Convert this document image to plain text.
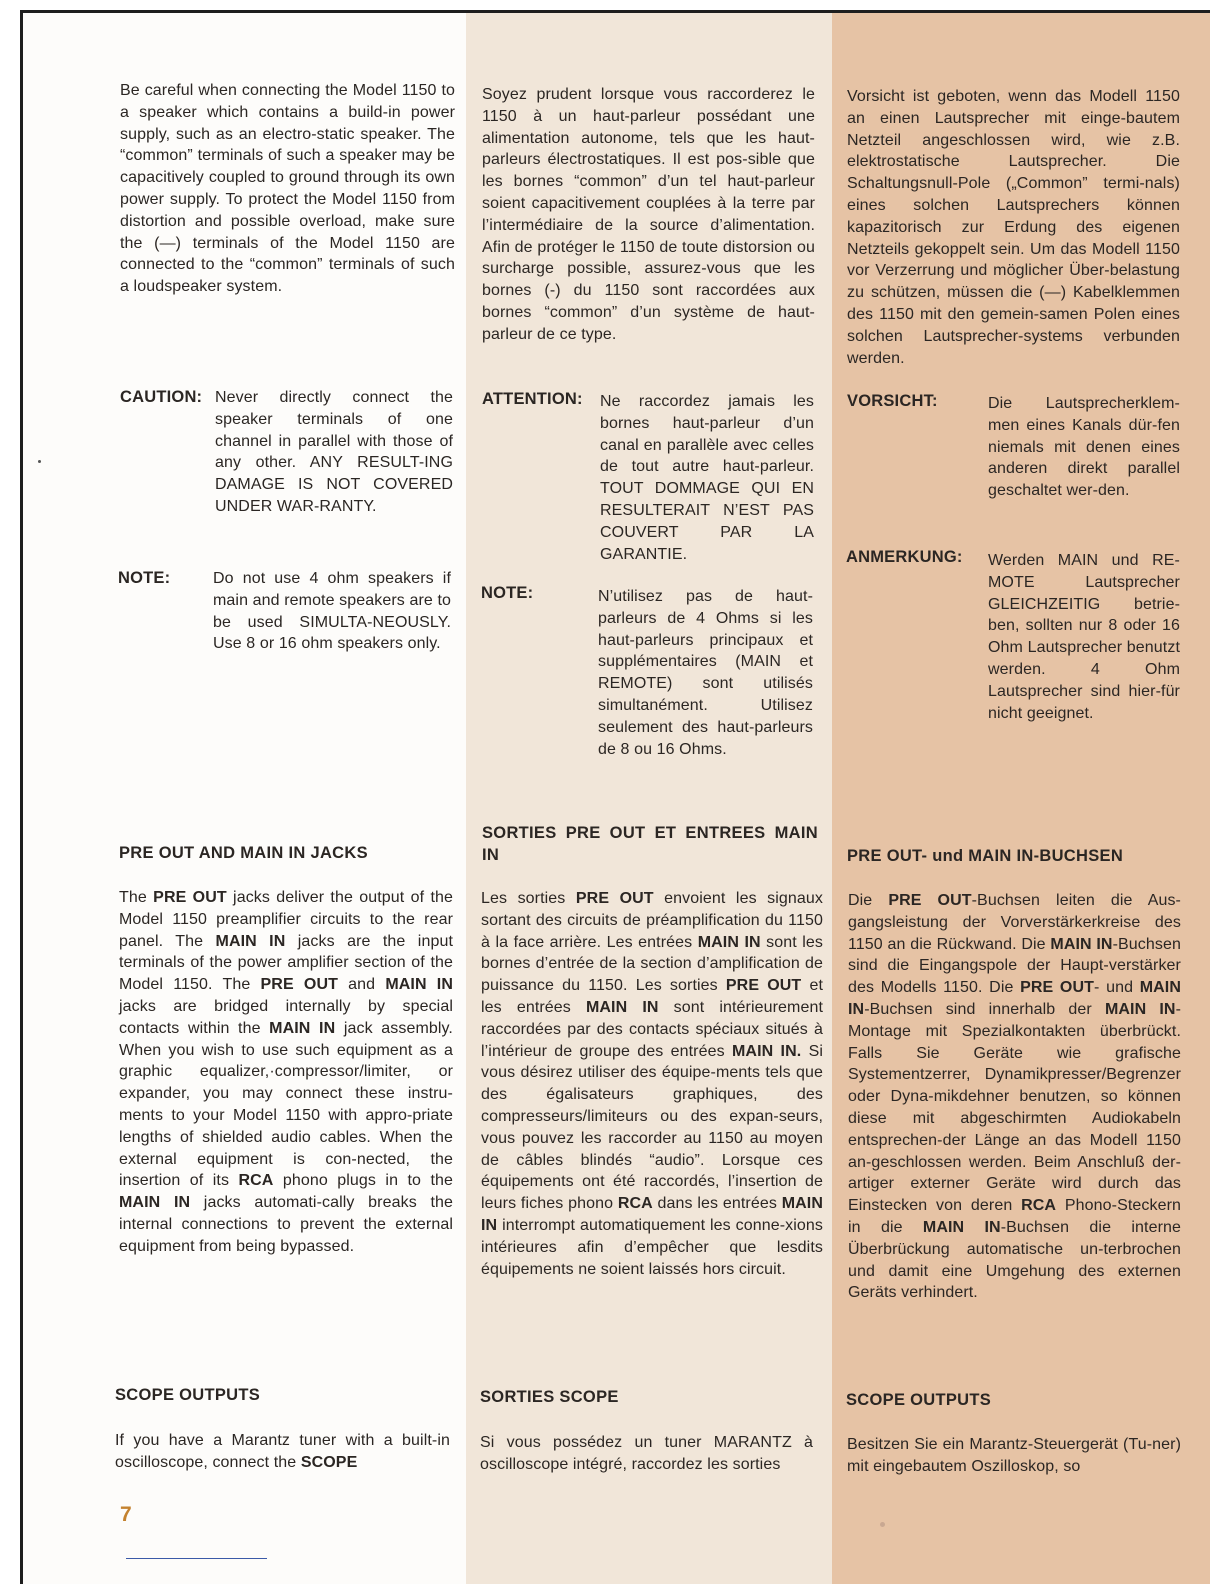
Be careful when connecting the Model 1150 to a speaker which contains a build-in power supply, such as an electro-static speaker. The “common” terminals of such a speaker may be capacitively coupled to ground through its own power supply. To protect the Model 1150 from distortion and possible overload, make sure the (—) terminals of the Model 1150 are connected to the “common” terminals of such a loudspeaker system.
CAUTION: Never directly connect the speaker terminals of one channel in parallel with those of any other. ANY RESULT-ING DAMAGE IS NOT COVERED UNDER WAR-RANTY.
NOTE:	Do not use 4 ohm speakers if main and remote speakers are to be used SIMULTA-NEOUSLY. Use 8 or 16 ohm speakers only.
PRE OUT AND MAIN IN JACKS
The PRE OUT jacks deliver the output of the Model 1150 preamplifier circuits to the rear panel. The MAIN IN jacks are the input terminals of the power amplifier section of the Model 1150. The PRE OUT and MAIN IN jacks are bridged internally by special contacts within the MAIN IN jack assembly. When you wish to use such equipment as a graphic equalizer,·compressor/limiter, or expander, you may connect these instru-ments to your Model 1150 with appro-priate lengths of shielded audio cables. When the external equipment is con-nected, the insertion of its RCA phono plugs in to the MAIN IN jacks automati-cally breaks the internal connections to prevent the external equipment from being bypassed.
SCOPE OUTPUTS
If you have a Marantz tuner with a built-in oscilloscope, connect the SCOPE
Soyez prudent lorsque vous raccorderez le 1150 à un haut-parleur possédant une alimentation autonome, tels que les haut-parleurs électrostatiques. Il est pos-sible que les bornes “common” d’un tel haut-parleur soient capacitivement couplées à la terre par l’intermédiaire de la source d’alimentation. Afin de protéger le 1150 de toute distorsion ou surcharge possible, assurez-vous que les bornes (-) du 1150 sont raccordées aux bornes “common” d’un système de haut-parleur de ce type.
ATTENTION: Ne raccordez jamais les bornes haut-parleur d’un canal en parallèle avec celles de tout autre haut-parleur. TOUT DOMMAGE QUI EN RESULTERAIT N’EST PAS COUVERT PAR LA GARANTIE.
NOTE:	N’utilisez pas de haut-parleurs de 4 Ohms si les haut-parleurs principaux et supplémentaires (MAIN et REMOTE) sont utilisés simultanément. Utilisez seulement des haut-parleurs de 8 ou 16 Ohms.
SORTIES PRE OUT ET ENTREES MAIN IN
Les sorties PRE OUT envoient les signaux sortant des circuits de préamplification du 1150 à la face arrière. Les entrées MAIN IN sont les bornes d’entrée de la section d’amplification de puissance du 1150. Les sorties PRE OUT et les entrées MAIN IN sont intérieurement raccordées par des contacts spéciaux situés à l’intérieur de groupe des entrées MAIN IN. Si vous désirez utiliser des équipe-ments tels que des égalisateurs graphiques, des compresseurs/limiteurs ou des expan-seurs, vous pouvez les raccorder au 1150 au moyen de câbles blindés “audio”. Lorsque ces équipements ont été raccordés, l’insertion de leurs fiches phono RCA dans les entrées MAIN IN interrompt automatiquement les conne-xions intérieures afin d’empêcher que lesdits équipements ne soient laissés hors circuit.
SORTIES SCOPE
Si vous possédez un tuner MARANTZ à oscilloscope intégré, raccordez les sorties
Vorsicht ist geboten, wenn das Modell 1150 an einen Lautsprecher mit einge-bautem Netzteil angeschlossen wird, wie z.B. elektrostatische Lautsprecher. Die Schaltungsnull-Pole („Common” termi-nals) eines solchen Lautsprechers können kapazitorisch zur Erdung des eigenen Netzteils gekoppelt sein. Um das Modell 1150 vor Verzerrung und möglicher Über-belastung zu schützen, müssen die (—) Kabelklemmen des 1150 mit den gemein-samen Polen eines solchen Lautsprecher-systems verbunden werden.
VORSICHT:	Die Lautsprecherklem-men eines Kanals dür-fen niemals mit denen eines anderen direkt parallel geschaltet wer-den.
ANMERKUNG: Werden MAIN und RE-MOTE Lautsprecher GLEICHZEITIG betrie-ben, sollten nur 8 oder 16 Ohm Lautsprecher benutzt werden. 4 Ohm Lautsprecher sind hier-für nicht geeignet.
PRE OUT- und MAIN IN-BUCHSEN
Die PRE OUT-Buchsen leiten die Aus-gangsleistung der Vorverstärkerkreise des 1150 an die Rückwand. Die MAIN IN-Buchsen sind die Eingangspole der Haupt-verstärker des Modells 1150. Die PRE OUT- und MAIN IN-Buchsen sind innerhalb der MAIN IN-Montage mit Spezialkontakten überbrückt. Falls Sie Geräte wie grafische Systementzerrer, Dynamikpresser/Begrenzer oder Dyna-mikdehner benutzen, so können diese mit abgeschirmten Audiokabeln entsprechen-der Länge an das Modell 1150 an-geschlossen werden. Beim Anschluß der-artiger externer Geräte wird durch das Einstecken von deren RCA Phono-Steckern in die MAIN IN-Buchsen die interne Überbrückung automatische un-terbrochen und damit eine Umgehung des externen Geräts verhindert.
SCOPE OUTPUTS
Besitzen Sie ein Marantz-Steuergerät (Tu-ner) mit eingebautem Oszilloskop, so
7
